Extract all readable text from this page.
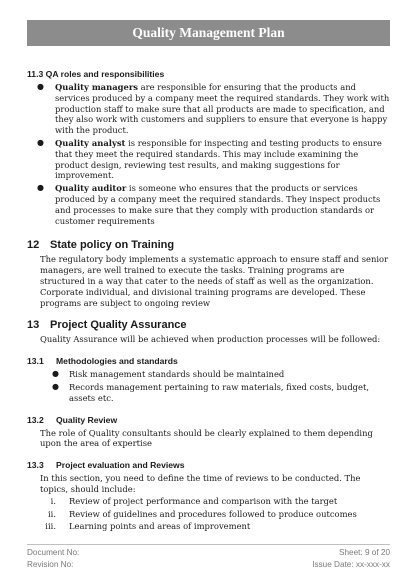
Quality Management Plan

11.3 QA roles and responsibilities

● Quality managers are responsible for ensuring that the products and services produced by a company meet the required standards. They work with production staff to make sure that all products are made to specification, and they also work with customers and suppliers to ensure that everyone is happy with the product.
● Quality analyst is responsible for inspecting and testing products to ensure that they meet the required standards. This may include examining the product design, reviewing test results, and making suggestions for improvement.
● Quality auditor is someone who ensures that the products or services produced by a company meet the required standards. They inspect products and processes to make sure that they comply with production standards or customer requirements

12 State policy on Training

The regulatory body implements a systematic approach to ensure staff and senior managers, are well trained to execute the tasks. Training programs are structured in a way that cater to the needs of staff as well as the organization. Corporate individual, and divisional training programs are developed. These programs are subject to ongoing review

13 Project Quality Assurance

Quality Assurance will be achieved when production processes will be followed:

13.1 Methodologies and standards

● Risk management standards should be maintained
● Records management pertaining to raw materials, fixed costs, budget, assets etc.

13.2 Quality Review

The role of Quality consultants should be clearly explained to them depending upon the area of expertise

13.3 Project evaluation and Reviews

In this section, you need to define the time of reviews to be conducted. The topics, should include:

i. Review of project performance and comparison with the target
ii. Review of guidelines and procedures followed to produce outcomes
iii. Learning points and areas of improvement
Document No:	Sheet: 9 of 20
Revision No:	Issue Date: xx-xxx-xx
